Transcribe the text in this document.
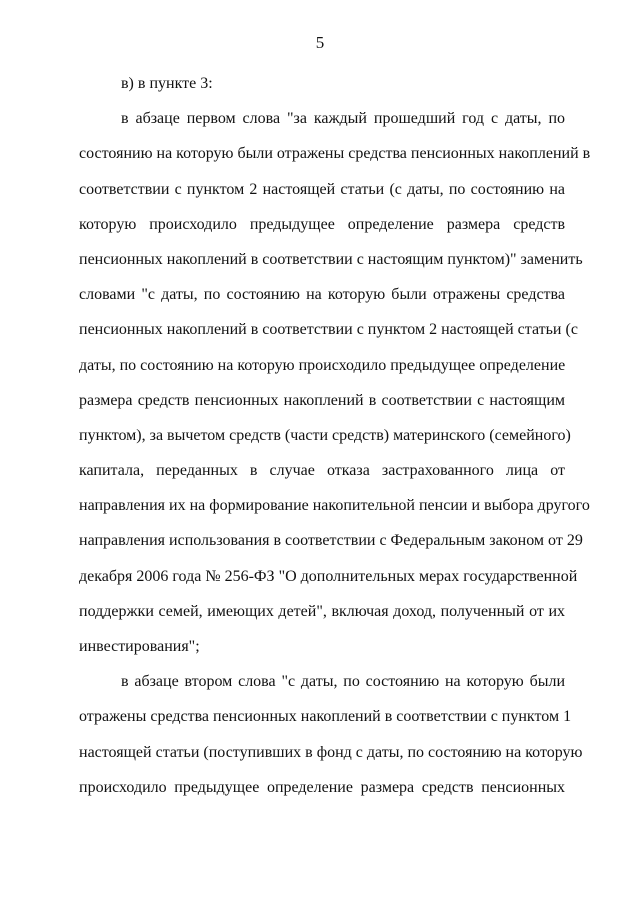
5
в) в пункте 3:
в абзаце первом слова "за каждый прошедший год с даты, по
состоянию на которую были отражены средства пенсионных накоплений в
соответствии с пунктом 2 настоящей статьи (с даты, по состоянию на
которую происходило предыдущее определение размера средств
пенсионных накоплений в соответствии с настоящим пунктом)" заменить
словами "с даты, по состоянию на которую были отражены средства
пенсионных накоплений в соответствии с пунктом 2 настоящей статьи (с
даты, по состоянию на которую происходило предыдущее определение
размера средств пенсионных накоплений в соответствии с настоящим
пунктом), за вычетом средств (части средств) материнского (семейного)
капитала, переданных в случае отказа застрахованного лица от
направления их на формирование накопительной пенсии и выбора другого
направления использования в соответствии с Федеральным законом от 29
декабря 2006 года № 256-ФЗ "О дополнительных мерах государственной
поддержки семей, имеющих детей", включая доход, полученный от их
инвестирования";
в абзаце втором слова "с даты, по состоянию на которую были
отражены средства пенсионных накоплений в соответствии с пунктом 1
настоящей статьи (поступивших в фонд с даты, по состоянию на которую
происходило предыдущее определение размера средств пенсионных
